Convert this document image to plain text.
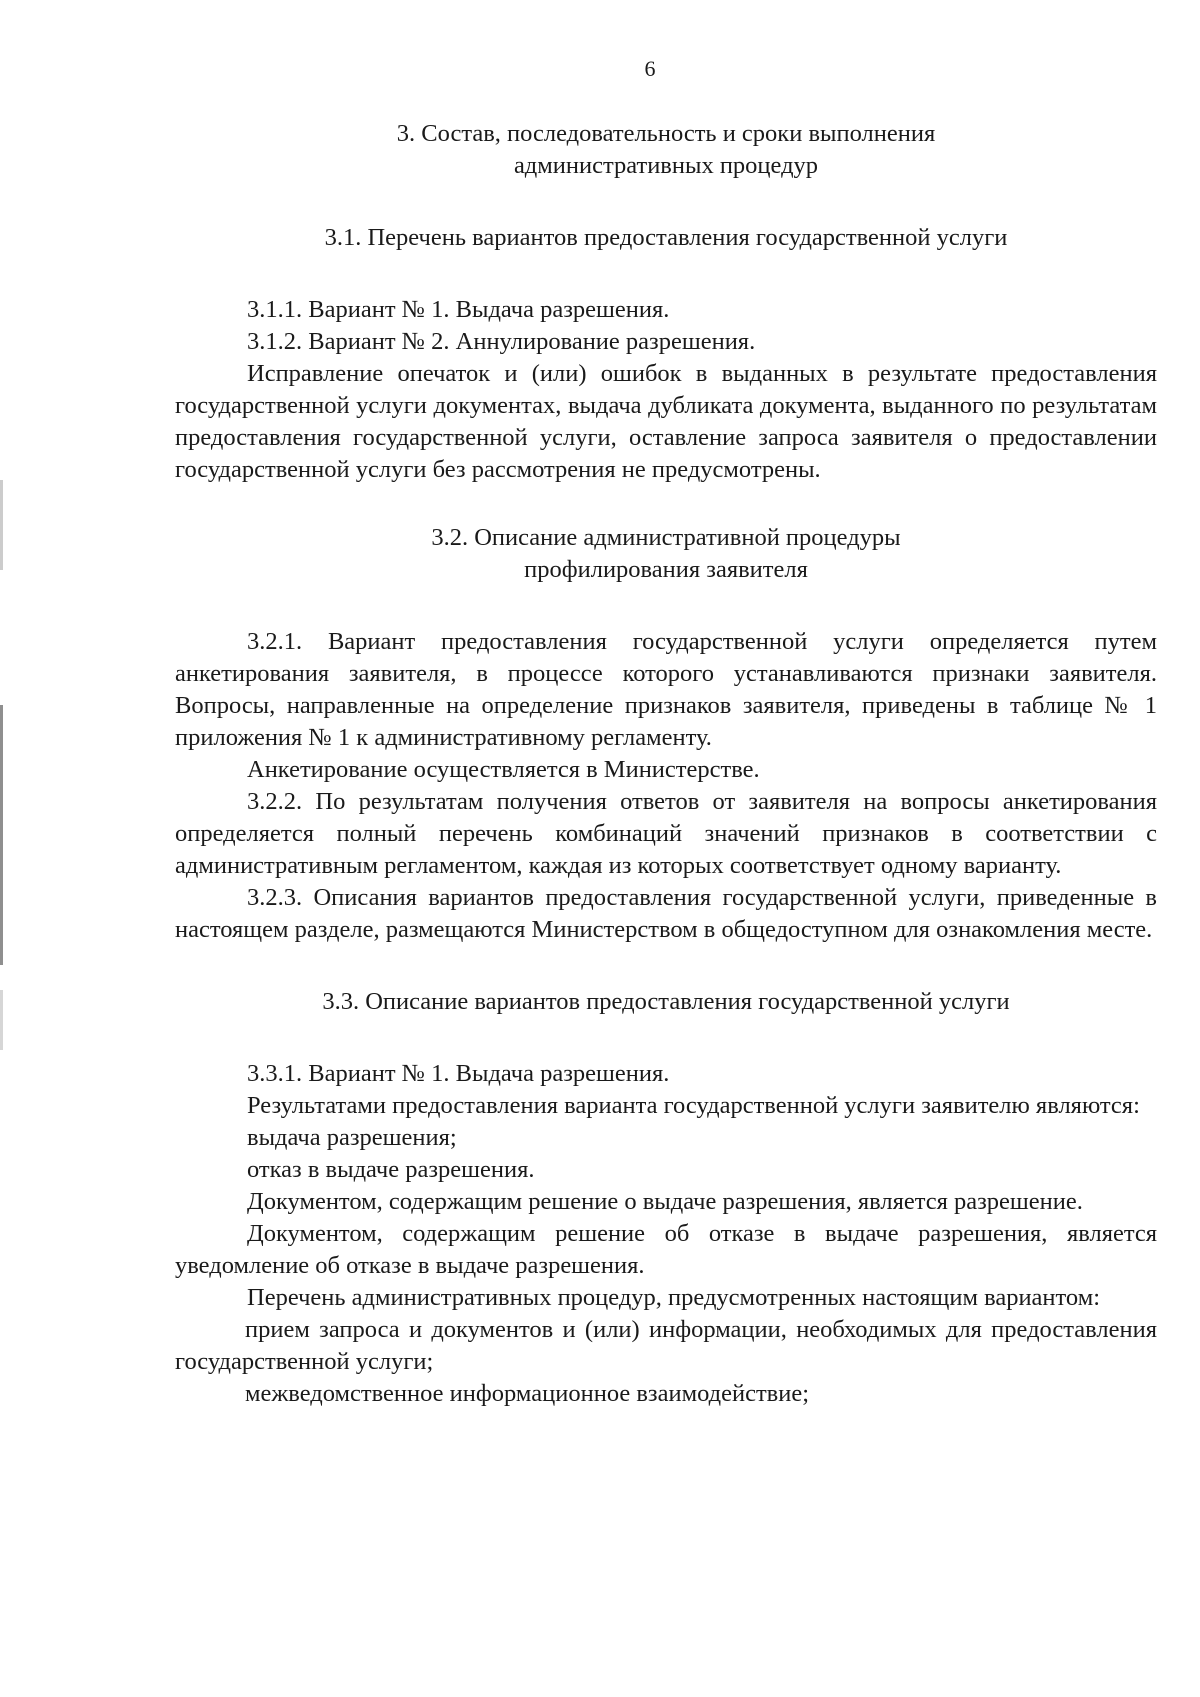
6

3. Состав, последовательность и сроки выполнения

административных процедур

3.1. Перечень вариантов предоставления государственной услуги

3.1.1. Вариант № 1. Выдача разрешения.

3.1.2. Вариант № 2. Аннулирование разрешения.

Исправление опечаток и (или) ошибок в выданных в результате предоставления государственной услуги документах, выдача дубликата документа, выданного по результатам предоставления государственной услуги, оставление запроса заявителя о предоставлении государственной услуги без рассмотрения не предусмотрены.

3.2. Описание административной процедуры

профилирования заявителя

3.2.1. Вариант предоставления государственной услуги определяется путем анкетирования заявителя, в процессе которого устанавливаются признаки заявителя. Вопросы, направленные на определение признаков заявителя, приведены в таблице № 1 приложения № 1 к административному регламенту.

Анкетирование осуществляется в Министерстве.

3.2.2. По результатам получения ответов от заявителя на вопросы анкетирования определяется полный перечень комбинаций значений признаков в соответствии с административным регламентом, каждая из которых соответствует одному варианту.

3.2.3. Описания вариантов предоставления государственной услуги, приведенные в настоящем разделе, размещаются Министерством в общедоступном для ознакомления месте.

3.3. Описание вариантов предоставления государственной услуги

3.3.1. Вариант № 1. Выдача разрешения.

Результатами предоставления варианта государственной услуги заявителю являются:

выдача разрешения;

отказ в выдаче разрешения.

Документом, содержащим решение о выдаче разрешения, является разрешение.

Документом, содержащим решение об отказе в выдаче разрешения, является уведомление об отказе в выдаче разрешения.

Перечень административных процедур, предусмотренных настоящим вариантом:

прием запроса и документов и (или) информации, необходимых для предоставления государственной услуги;

межведомственное информационное взаимодействие;
